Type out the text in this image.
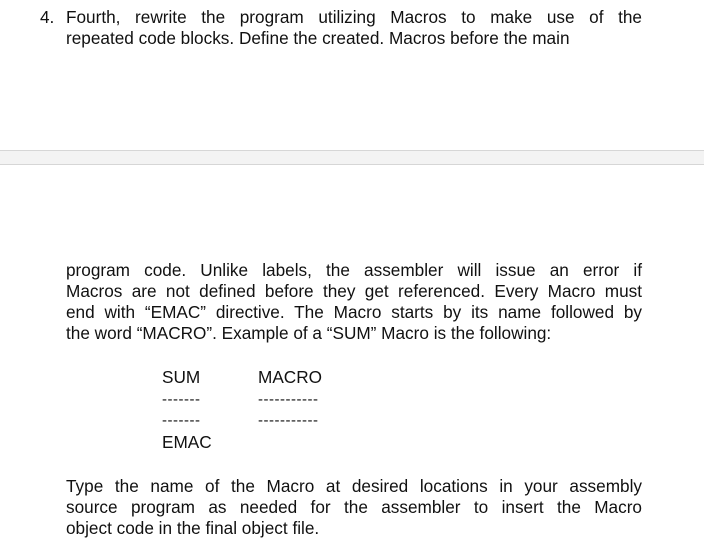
4. Fourth, rewrite the program utilizing Macros to make use of the
repeated code blocks. Define the created. Macros before the main

program code. Unlike labels, the assembler will issue an error if
Macros are not defined before they get referenced. Every Macro must
end with “EMAC” directive. The Macro starts by its name followed by
the word “MACRO”. Example of a “SUM” Macro is the following:

SUM	MACRO
-------	-----------
-------	-----------
EMAC

Type the name of the Macro at desired locations in your assembly
source program as needed for the assembler to insert the Macro
object code in the final object file.
